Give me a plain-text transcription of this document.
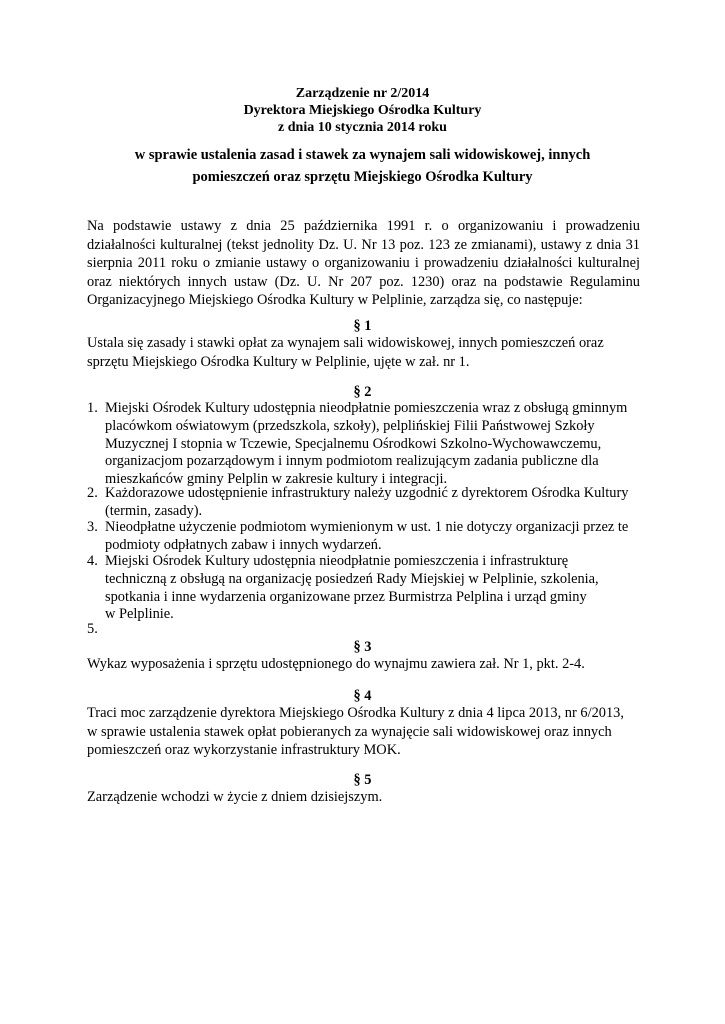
Zarządzenie nr 2/2014
Dyrektora Miejskiego Ośrodka Kultury
z dnia 10 stycznia 2014 roku
w sprawie ustalenia zasad i stawek za wynajem sali widowiskowej, innych
pomieszczeń oraz sprzętu Miejskiego Ośrodka Kultury
Na podstawie ustawy z dnia 25 października 1991 r. o organizowaniu i prowadzeniu
działalności kulturalnej (tekst jednolity Dz. U. Nr 13 poz. 123 ze zmianami), ustawy z dnia 31
sierpnia 2011 roku o zmianie ustawy o organizowaniu i prowadzeniu działalności kulturalnej
oraz niektórych innych ustaw (Dz. U. Nr 207 poz. 1230) oraz na podstawie Regulaminu
Organizacyjnego Miejskiego Ośrodka Kultury w Pelplinie, zarządza się, co następuje:
§ 1
Ustala się zasady i stawki opłat za wynajem sali widowiskowej, innych pomieszczeń oraz
sprzętu Miejskiego Ośrodka Kultury w Pelplinie, ujęte w zał. nr 1.
§ 2
1. Miejski Ośrodek Kultury udostępnia nieodpłatnie pomieszczenia wraz z obsługą gminnym
placówkom oświatowym (przedszkola, szkoły), pelplińskiej Filii Państwowej Szkoły
Muzycznej I stopnia w Tczewie, Specjalnemu Ośrodkowi Szkolno-Wychowawczemu,
organizacjom pozarządowym i innym podmiotom realizującym zadania publiczne dla
mieszkańców gminy Pelplin w zakresie kultury i integracji.
2. Każdorazowe udostępnienie infrastruktury należy uzgodnić z dyrektorem Ośrodka Kultury
(termin, zasady).
3. Nieodpłatne użyczenie podmiotom wymienionym w ust. 1 nie dotyczy organizacji przez te
podmioty odpłatnych zabaw i innych wydarzeń.
4. Miejski Ośrodek Kultury udostępnia nieodpłatnie pomieszczenia i infrastrukturę
techniczną z obsługą na organizację posiedzeń Rady Miejskiej w Pelplinie, szkolenia,
spotkania i inne wydarzenia organizowane przez Burmistrza Pelplina i urząd gminy
w Pelplinie.
5.
§ 3
Wykaz wyposażenia i sprzętu udostępnionego do wynajmu zawiera zał. Nr 1, pkt. 2-4.
§ 4
Traci moc zarządzenie dyrektora Miejskiego Ośrodka Kultury z dnia 4 lipca 2013, nr 6/2013,
w sprawie ustalenia stawek opłat pobieranych za wynajęcie sali widowiskowej oraz innych
pomieszczeń oraz wykorzystanie infrastruktury MOK.
§ 5
Zarządzenie wchodzi w życie z dniem dzisiejszym.
